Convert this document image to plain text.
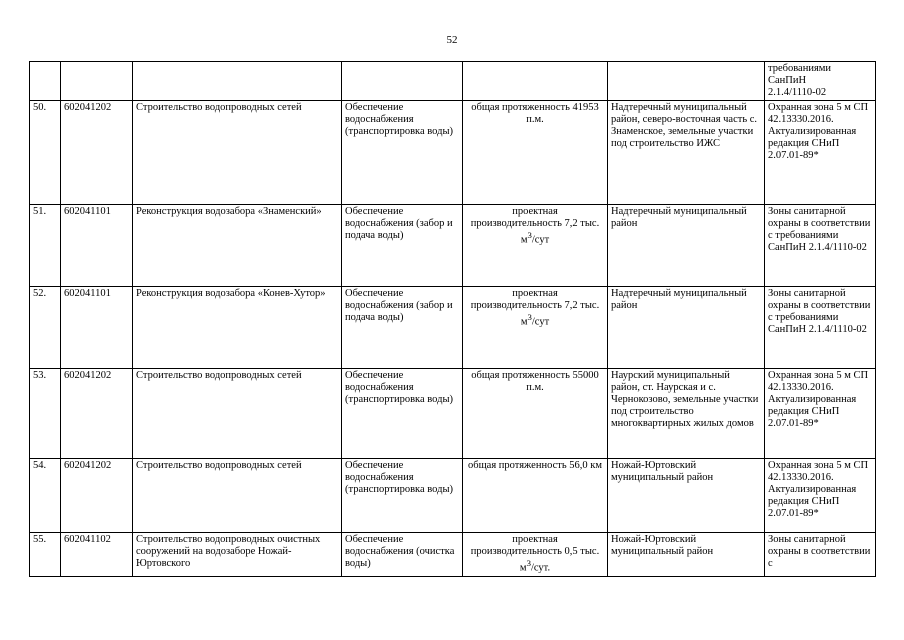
52
						требованиями
СанПиН
2.1.4/1110-02
50.	602041202	Строительство водопроводных сетей	Обеспечение водоснабжения (транспортировка воды)	общая протяженность 41953 п.м.	Надтеречный муниципальный район, северо-восточная часть с. Знаменское, земельные участки под строительство ИЖС	Охранная зона 5 м СП 42.13330.2016. Актуализированная редакция СНиП 2.07.01-89*
51.	602041101	Реконструкция водозабора «Знаменский»	Обеспечение водоснабжения (забор и подача воды)	проектная производительность 7,2 тыс. $м^3$/сут	Надтеречный муниципальный район	Зоны санитарной охраны в соответствии с требованиями СанПиН 2.1.4/1110-02
52.	602041101	Реконструкция водозабора «Конев-Хутор»	Обеспечение водоснабжения (забор и подача воды)	проектная производительность 7,2 тыс. $м^3$/сут	Надтеречный муниципальный район	Зоны санитарной охраны в соответствии с требованиями СанПиН 2.1.4/1110-02
53.	602041202	Строительство водопроводных сетей	Обеспечение водоснабжения (транспортировка воды)	общая протяженность 55000 п.м.	Наурский муниципальный район, ст. Наурская и с. Чернокозово, земельные участки под строительство многоквартирных жилых домов	Охранная зона 5 м СП 42.13330.2016. Актуализированная редакция СНиП 2.07.01-89*
54.	602041202	Строительство водопроводных сетей	Обеспечение водоснабжения (транспортировка воды)	общая протяженность 56,0 км	Ножай-Юртовский муниципальный район	Охранная зона 5 м СП 42.13330.2016. Актуализированная редакция СНиП 2.07.01-89*
55.	602041102	Строительство водопроводных очистных сооружений на водозаборе Ножай-Юртовского	Обеспечение водоснабжения (очистка воды)	проектная производительность 0,5 тыс. $м^3$/сут.	Ножай-Юртовский муниципальный район	Зоны санитарной охраны в соответствии с
